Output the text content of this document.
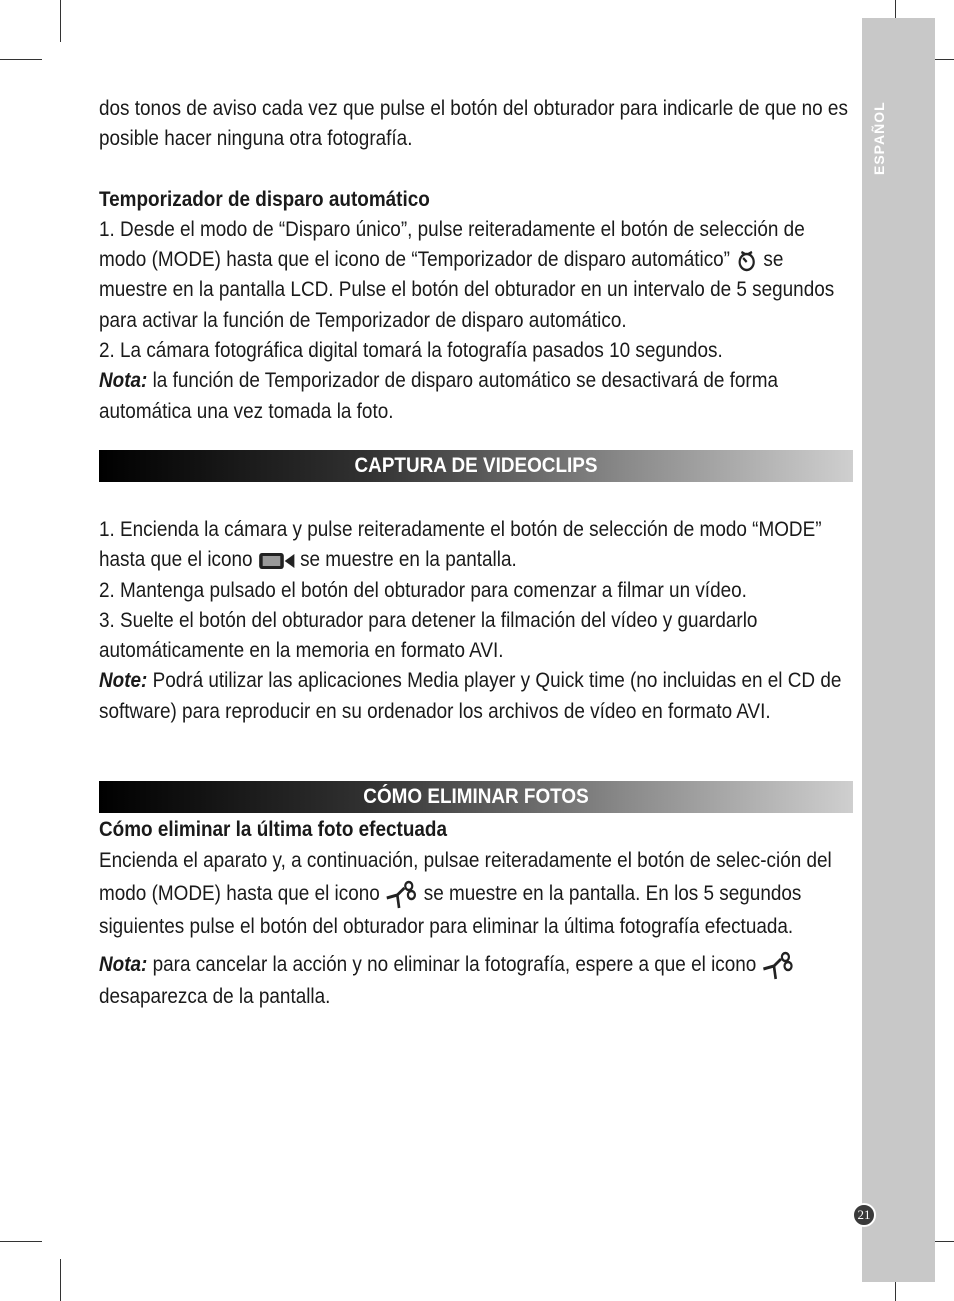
ESPAÑOL
21
CAPTURA DE VIDEOCLIPS
CÓMO ELIMINAR FOTOS

dos tonos de aviso cada vez que pulse el botón del obturador para indicarle de que no es posible hacer ninguna otra fotografía.

Temporizador de disparo automático

1. Desde el modo de “Disparo único”, pulse reiteradamente el botón de selección de modo (MODE) hasta que el icono de “Temporizador de disparo automático” se muestre en la pantalla LCD. Pulse el botón del obturador en un intervalo de 5 segundos para activar la función de Temporizador de disparo automático.

2. La cámara fotográfica digital tomará la fotografía pasados 10 segundos.

Nota: la función de Temporizador de disparo automático se desactivará de forma automática una vez tomada la foto.

1. Encienda la cámara y pulse reiteradamente el botón de selección de modo “MODE” hasta que el icono  se muestre en la pantalla.

2. Mantenga pulsado el botón del obturador para comenzar a filmar un vídeo.

3. Suelte el botón del obturador para detener la filmación del vídeo y guardarlo automáticamente en la memoria en formato AVI.

Note: Podrá utilizar las aplicaciones Media player y Quick time (no incluidas en el CD de software) para reproducir en su ordenador los archivos de vídeo en formato AVI.

Cómo eliminar la última foto efectuada

Encienda el aparato y, a continuación, pulsae reiteradamente el botón de selec-ción del modo (MODE) hasta que el icono se muestre en la pantalla. En los 5 segundos siguientes pulse el botón del obturador para eliminar la última fotografía efectuada.

Nota: para cancelar la acción y no eliminar la fotografía, espere a que el icono  desaparezca de la pantalla.
